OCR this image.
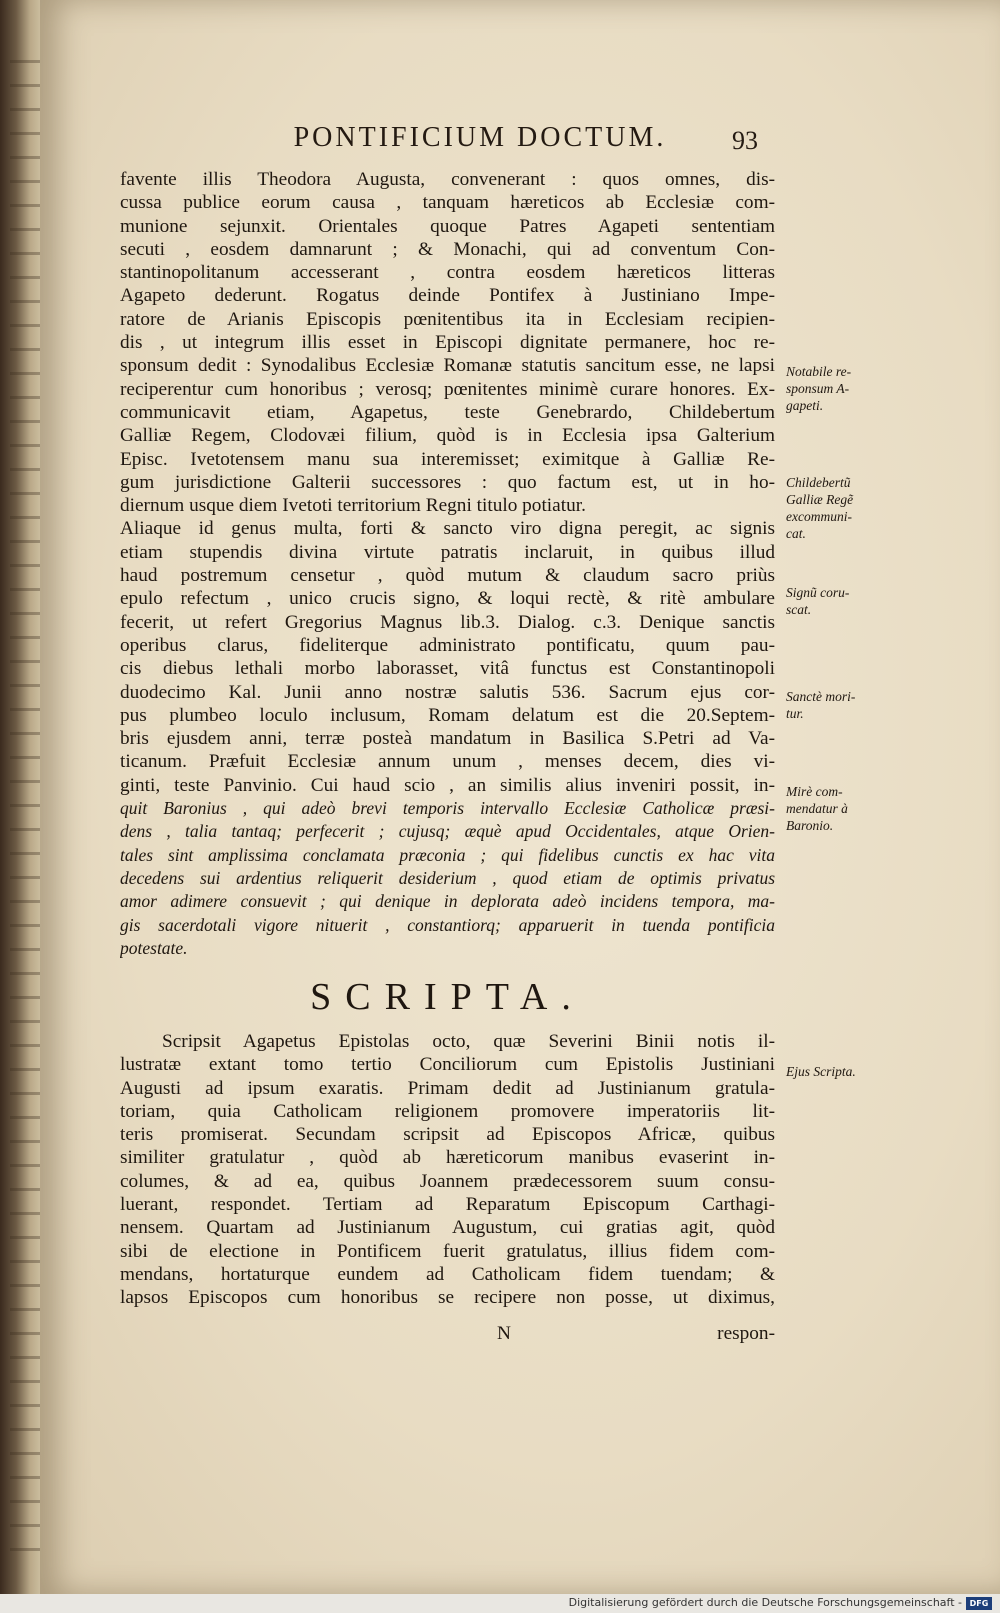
PONTIFICIUM DOCTUM.	93
favente illis Theodora Augusta, convenerant : quos omnes, dis-
cussa publice eorum causa , tanquam hæreticos ab Ecclesiæ com-
munione sejunxit. Orientales quoque Patres Agapeti sententiam
secuti , eosdem damnarunt ; & Monachi, qui ad conventum Con-
stantinopolitanum accesserant , contra eosdem hæreticos litteras
Agapeto dederunt. Rogatus deinde Pontifex à Justiniano Impe-
ratore de Arianis Episcopis pœnitentibus ita in Ecclesiam recipien-
dis , ut integrum illis esset in Episcopi dignitate permanere, hoc re-
sponsum dedit : Synodalibus Ecclesiæ Romanæ statutis sancitum esse, ne lapsi
reciperentur cum honoribus ; verosq; pœnitentes minimè curare honores. Ex-
communicavit etiam, Agapetus, teste Genebrardo, Childebertum
Galliæ Regem, Clodovæi filium, quòd is in Ecclesia ipsa Galterium
Episc. Ivetotensem manu sua interemisset; eximitque à Galliæ Re-
gum jurisdictione Galterii successores : quo factum est, ut in ho-
diernum usque diem Ivetoti territorium Regni titulo potiatur.
Aliaque id genus multa, forti & sancto viro digna peregit, ac signis
etiam stupendis divina virtute patratis inclaruit, in quibus illud
haud postremum censetur , quòd mutum & claudum sacro priùs
epulo refectum , unico crucis signo, & loqui rectè, & ritè ambulare
fecerit, ut refert Gregorius Magnus lib.3. Dialog. c.3. Denique sanctis
operibus clarus, fideliterque administrato pontificatu, quum pau-
cis diebus lethali morbo laborasset, vitâ functus est Constantinopoli
duodecimo Kal. Junii anno nostræ salutis 536. Sacrum ejus cor-
pus plumbeo loculo inclusum, Romam delatum est die 20.Septem-
bris ejusdem anni, terræ posteà mandatum in Basilica S.Petri ad Va-
ticanum. Præfuit Ecclesiæ annum unum , menses decem, dies vi-
ginti, teste Panvinio. Cui haud scio , an similis alius inveniri possit, in-
quit Baronius , qui adeò brevi temporis intervallo Ecclesiæ Catholicæ præsi-
dens , talia tantaq; perfecerit ; cujusq; æquè apud Occidentales, atque Orien-
tales sint amplissima conclamata præconia ; qui fidelibus cunctis ex hac vita
decedens sui ardentius reliquerit desiderium , quod etiam de optimis privatus
amor adimere consuevit ; qui denique in deplorata adeò incidens tempora, ma-
gis sacerdotali vigore nituerit , constantiorq; apparuerit in tuenda pontificia
potestate.
SCRIPTA.
Scripsit Agapetus Epistolas octo, quæ Severini Binii notis il-
lustratæ extant tomo tertio Conciliorum cum Epistolis Justiniani
Augusti ad ipsum exaratis. Primam dedit ad Justinianum gratula-
toriam, quia Catholicam religionem promovere imperatoriis lit-
teris promiserat. Secundam scripsit ad Episcopos Africæ, quibus
similiter gratulatur , quòd ab hæreticorum manibus evaserint in-
columes, & ad ea, quibus Joannem prædecessorem suum consu-
luerant, respondet. Tertiam ad Reparatum Episcopum Carthagi-
nensem. Quartam ad Justinianum Augustum, cui gratias agit, quòd
sibi de electione in Pontificem fuerit gratulatus, illius fidem com-
mendans, hortaturque eundem ad Catholicam fidem tuendam; &
lapsos Episcopos cum honoribus se recipere non posse, ut diximus,
N	respon-
Notabile re-
sponsum A-
gapeti.
Childebertũ
Galliæ Regẽ
excommuni-
cat.
Signũ coru-
scat.
Sanctè mori-
tur.
Mirè com-
mendatur à
Baronio.
Ejus Scripta.
Digitalisierung gefördert durch die Deutsche Forschungsgemeinschaft - DFG
